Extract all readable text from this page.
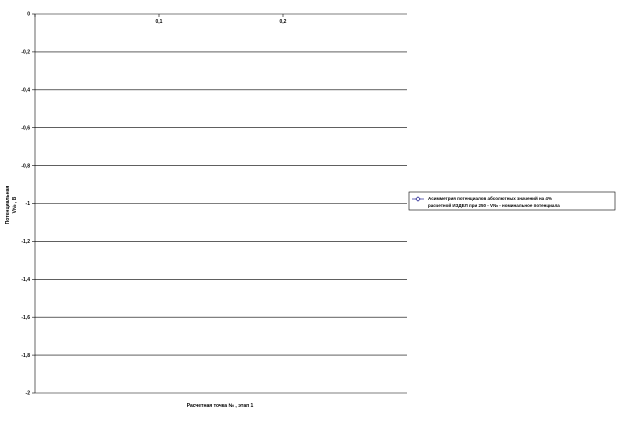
0
-0,2
-0,4
-0,6
-0,8
-1
-1,2
-1,4
-1,6
-1,8
-2
0,1	0,2
Расчетная точка № , этап 1
Потенциальная V№ , В	Асимметрия потенциалов абсолютных значений на 4%
расчетной ИЗДЕЛ при 250 - V№ - номинальное потенциала
